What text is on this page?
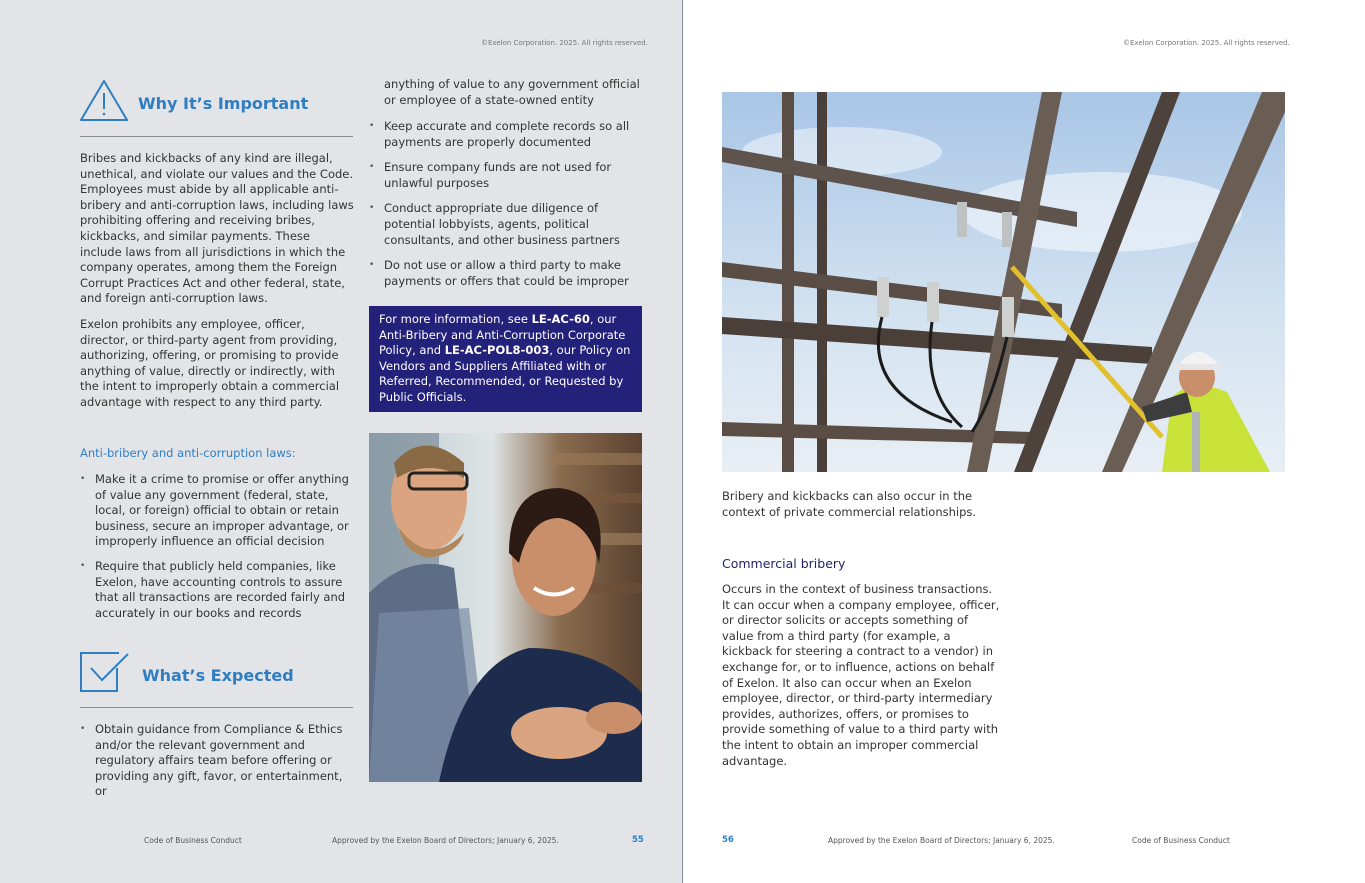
©Exelon Corporation. 2025. All rights reserved.	©Exelon Corporation. 2025. All rights reserved.
Why It’s Important

Bribes and kickbacks of any kind are illegal, unethical, and violate our values and the Code. Employees must abide by all applicable anti-bribery and anti-corruption laws, including laws prohibiting offering and receiving bribes, kickbacks, and similar payments. These include laws from all jurisdictions in which the company operates, among them the Foreign Corrupt Practices Act and other federal, state, and foreign anti-corruption laws.

Exelon prohibits any employee, officer, director, or third-party agent from providing, authorizing, offering, or promising to provide anything of value, directly or indirectly, with the intent to improperly obtain a commercial advantage with respect to any third party.

Anti-bribery and anti-corruption laws:
• Make it a crime to promise or offer anything of value any government (federal, state, local, or foreign) official to obtain or retain business, secure an improper advantage, or improperly influence an official decision
• Require that publicly held companies, like Exelon, have accounting controls to assure that all transactions are recorded fairly and accurately in our books and records
What’s Expected
• Obtain guidance from Compliance & Ethics and/or the relevant government and regulatory affairs team before offering or providing any gift, favor, or entertainment, or

anything of value to any government official or employee of a state-owned entity

• Keep accurate and complete records so all payments are properly documented
• Ensure company funds are not used for unlawful purposes
• Conduct appropriate due diligence of potential lobbyists, agents, political consultants, and other business partners
• Do not use or allow a third party to make payments or offers that could be improper
For more information, see LE-AC-60, our Anti-Bribery and Anti-Corruption Corporate Policy, and LE-AC-POL8-003, our Policy on Vendors and Suppliers Affiliated with or Referred, Recommended, or Requested by Public Officials.
Code of Business Conduct	Approved by the Exelon Board of Directors; January 6, 2025.	55

Bribery and kickbacks can also occur in the context of private commercial relationships.

Commercial bribery

Occurs in the context of business transactions. It can occur when a company employee, officer, or director solicits or accepts something of value from a third party (for example, a kickback for steering a contract to a vendor) in exchange for, or to influence, actions on behalf of Exelon. It also can occur when an Exelon employee, director, or third-party intermediary provides, authorizes, offers, or promises to provide something of value to a third party with the intent to obtain an improper commercial advantage.

56	Approved by the Exelon Board of Directors; January 6, 2025.	Code of Business Conduct
